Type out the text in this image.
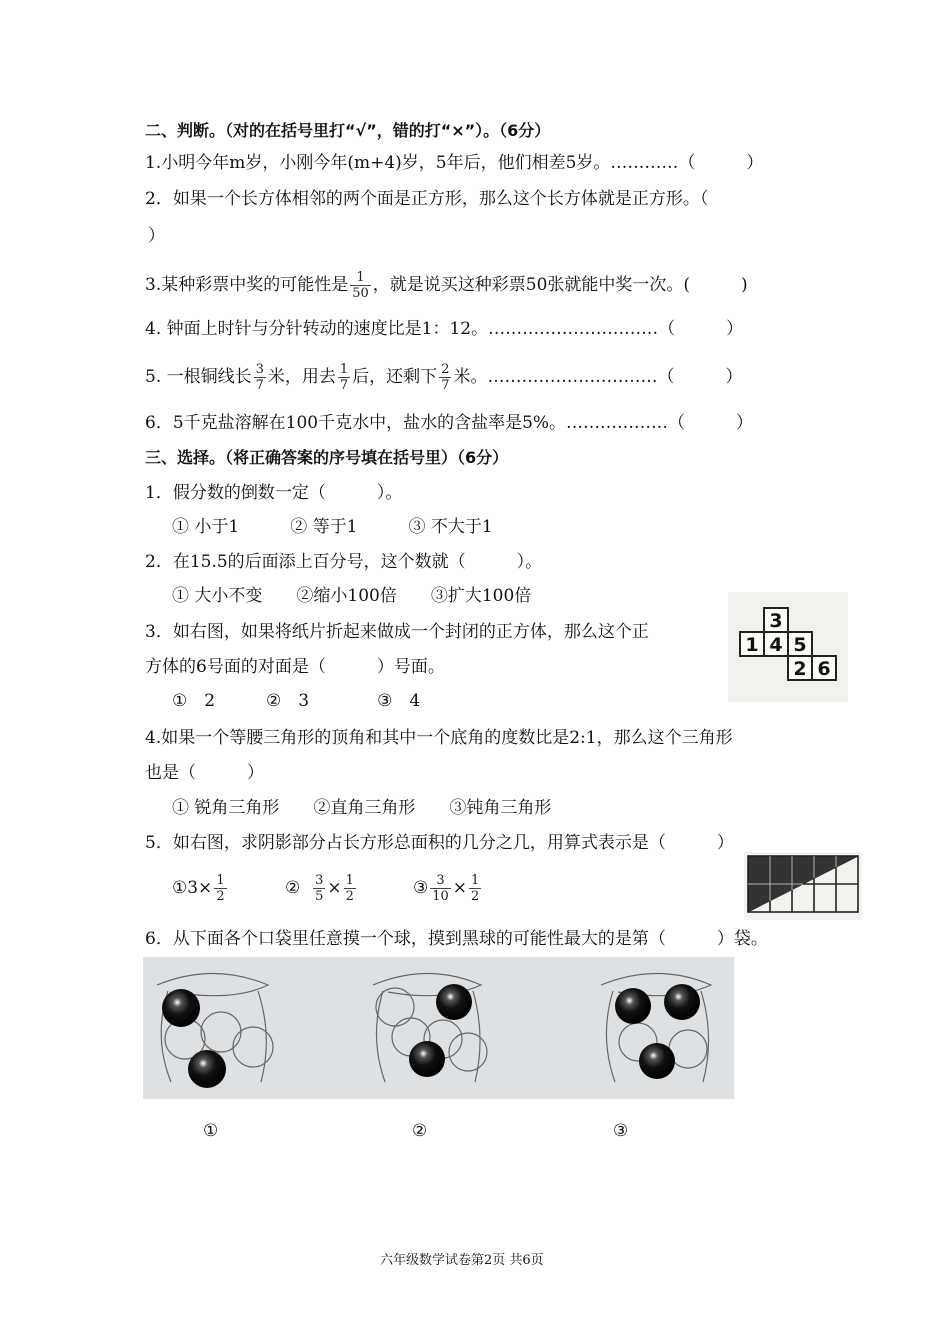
二、判断。（对的在括号里打“√”，错的打“×”）。（6分）
1.小明今年m岁，小刚今年(m+4)岁，5年后，他们相差5岁。…………（　　　）
2．如果一个长方体相邻的两个面是正方形，那么这个长方体就是正方形。（
）
3.某种彩票中奖的可能性是 $\frac{1}{50}$ ，就是说买这种彩票50张就能中奖一次。(　　　)
4. 钟面上时针与分针转动的速度比是1：12。…………………………（　　　）
5. 一根铜线长 $\frac{3}{7}$ 米，用去 $\frac{1}{7}$ 后，还剩下 $\frac{2}{7}$ 米。…………………………（　　　）
6．5千克盐溶解在100千克水中，盐水的含盐率是5%。………………（　　　）
三、选择。（将正确答案的序号填在括号里）（6分）
1．假分数的倒数一定（　　　）。
① 小于1　　　② 等于1　　　③ 不大于1
2．在15.5的后面添上百分号，这个数就（　　　）。
① 大小不变　　②缩小100倍　　③扩大100倍
3．如右图，如果将纸片折起来做成一个封闭的正方体，那么这个正
方体的6号面的对面是（　　　）号面。
①　2　　　②　3　　　　③　4
3
1 4 5
2 6
4.如果一个等腰三角形的顶角和其中一个底角的度数比是2:1，那么这个三角形
也是（　　　）
① 锐角三角形　　②直角三角形　　③钝角三角形
5．如右图，求阴影部分占长方形总面积的几分之几，用算式表示是（　　　）
①3× $\frac{1}{2}$	② $\frac{3}{5} \times \frac{1}{2}$	③ $\frac{3}{10} \times \frac{1}{2}$
6．从下面各个口袋里任意摸一个球，摸到黑球的可能性最大的是第（　　　）袋。
①	②	③
六年级数学试卷第2页 共6页
